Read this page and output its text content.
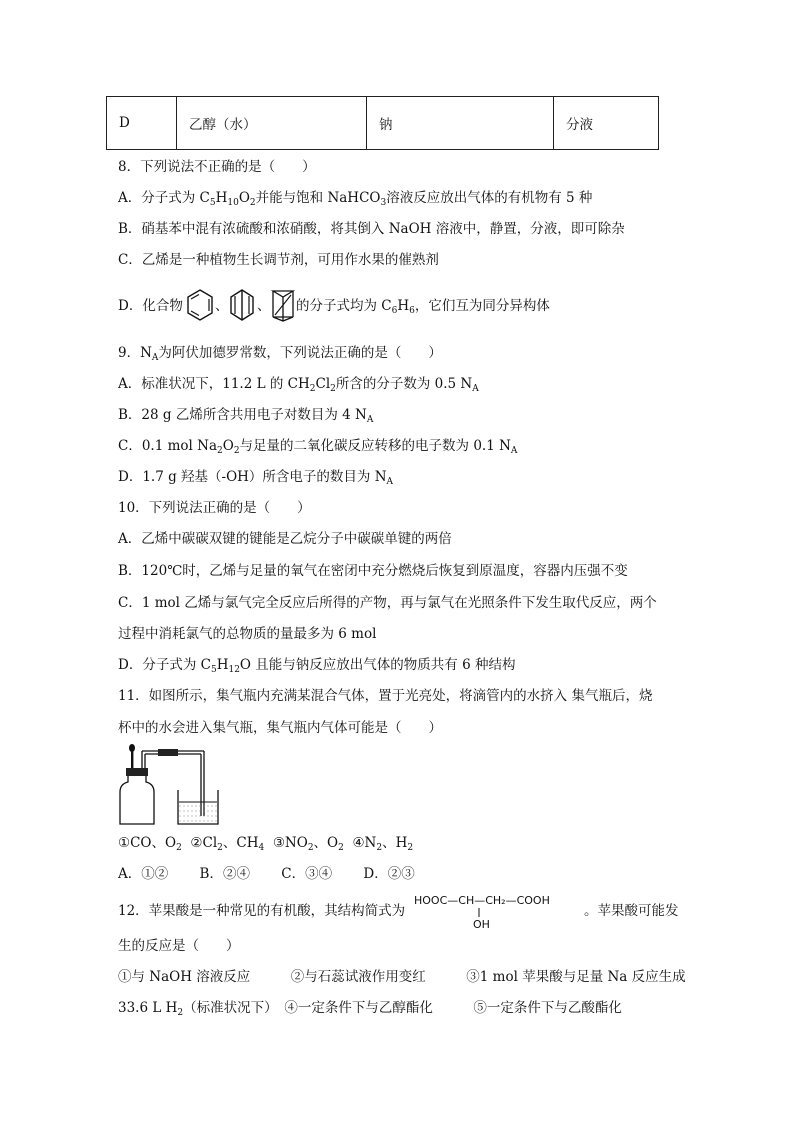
D	乙醇（水）	钠	分液
8．下列说法不正确的是（　　）
A．分子式为 $C_5H_{10}O_2$并能与饱和 NaHCO$_3$溶液反应放出气体的有机物有 5 种
B．硝基苯中混有浓硫酸和浓硝酸，将其倒入 NaOH 溶液中，静置，分液，即可除杂
C．乙烯是一种植物生长调节剂，可用作水果的催熟剂
D．化合物 、 、 的分子式均为 $C_6H_6$，它们互为同分异构体
9．$N_A$为阿伏加德罗常数，下列说法正确的是（　　）
A．标准状况下，11.2 L 的 $CH_2Cl_2$所含的分子数为 0.5 $N_A$
B．28 g 乙烯所含共用电子对数目为 4 $N_A$
C．0.1 mol $Na_2O_2$与足量的二氧化碳反应转移的电子数为 0.1 $N_A$
D．1.7 g 羟基（-OH）所含电子的数目为 $N_A$
10．下列说法正确的是（　　）
A．乙烯中碳碳双键的键能是乙烷分子中碳碳单键的两倍
B．120℃时，乙烯与足量的氧气在密闭中充分燃烧后恢复到原温度，容器内压强不变
C．1 mol 乙烯与氯气完全反应后所得的产物，再与氯气在光照条件下发生取代反应，两个
过程中消耗氯气的总物质的量最多为 6 mol
D．分子式为 $C_5H_{12}O$ 且能与钠反应放出气体的物质共有 6 种结构
11．如图所示，集气瓶内充满某混合气体，置于光亮处，将滴管内的水挤入 集气瓶后，烧
杯中的水会进入集气瓶，集气瓶内气体可能是（　　）
①CO、$O_2$  $②Cl_2$、$CH_4$  $③NO_2$、$O_2$  $④N_2$、$H_2$
A．①②　　 B．②④　　 C．③④　　 D．②③
12．苹果酸是一种常见的有机酸，其结构简式为
HOOC—CH—CH₂—COOH
OH
。苹果酸可能发
生的反应是（　　）
①与 NaOH 溶液反应　　　②与石蕊试液作用变红　　　③1 mol 苹果酸与足量 Na 反应生成
33.6 L $H_2$（标准状况下）　④一定条件下与乙醇酯化　　　⑤一定条件下与乙酸酯化
